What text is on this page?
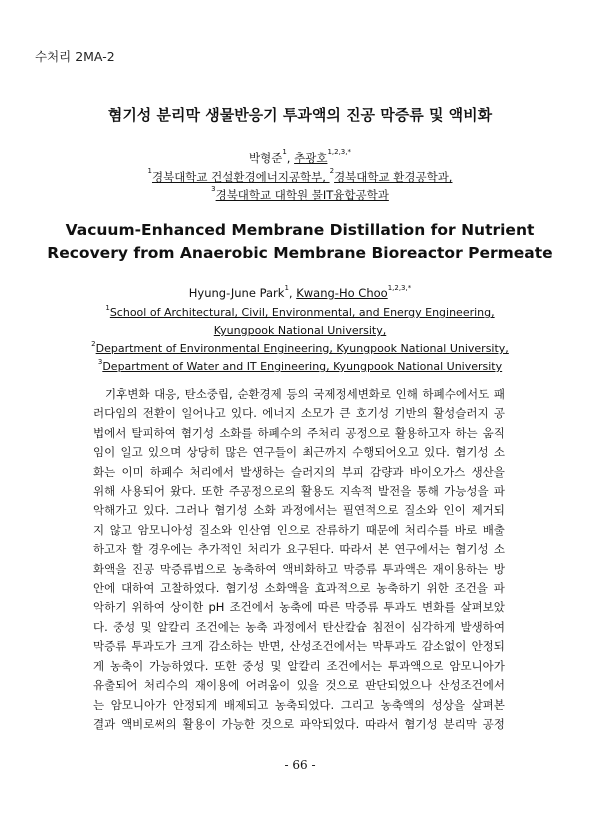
수처리 2MA-2
혐기성 분리막 생물반응기 투과액의 진공 막증류 및 액비화
박형준$^1$, 추광호$^{1,2,3,*}$
$^1$경북대학교 건설환경에너지공학부, $^2$경북대학교 환경공학과,
$^3$경북대학교 대학원 물IT융합공학과
Vacuum-Enhanced Membrane Distillation for Nutrient
Recovery from Anaerobic Membrane Bioreactor Permeate
Hyung-June Park$^1$, Kwang-Ho Choo$^{1,2,3,*}$
$^1$School of Architectural, Civil, Environmental, and Energy Engineering,
Kyungpook National University,
$^2$Department of Environmental Engineering, Kyungpook National University,
$^3$Department of Water and IT Engineering, Kyungpook National University
기후변화 대응, 탄소중립, 순환경제 등의 국제정세변화로 인해 하폐수에서도 패
러다임의 전환이 일어나고 있다. 에너지 소모가 큰 호기성 기반의 활성슬러지 공
법에서 탈피하여 혐기성 소화를 하폐수의 주처리 공정으로 활용하고자 하는 움직
임이 일고 있으며 상당히 많은 연구들이 최근까지 수행되어오고 있다. 혐기성 소
화는 이미 하폐수 처리에서 발생하는 슬러지의 부피 감량과 바이오가스 생산을
위해 사용되어 왔다. 또한 주공정으로의 활용도 지속적 발전을 통해 가능성을 파
악해가고 있다. 그러나 혐기성 소화 과정에서는 필연적으로 질소와 인이 제거되
지 않고 암모니아성 질소와 인산염 인으로 잔류하기 때문에 처리수를 바로 배출
하고자 할 경우에는 추가적인 처리가 요구된다. 따라서 본 연구에서는 혐기성 소
화액을 진공 막증류법으로 농축하여 액비화하고 막증류 투과액은 재이용하는 방
안에 대하여 고찰하였다. 혐기성 소화액을 효과적으로 농축하기 위한 조건을 파
악하기 위하여 상이한 pH 조건에서 농축에 따른 막증류 투과도 변화를 살펴보았
다. 중성 및 알칼리 조건에는 농축 과정에서 탄산칼슘 침전이 심각하게 발생하여
막증류 투과도가 크게 감소하는 반면, 산성조건에서는 막투과도 감소없이 안정되
게 농축이 가능하였다. 또한 중성 및 알칼리 조건에서는 투과액으로 암모니아가
유출되어 처리수의 재이용에 어려움이 있을 것으로 판단되었으나 산성조건에서
는 암모니아가 안정되게 배제되고 농축되었다. 그리고 농축액의 성상을 살펴본
결과 액비로써의 활용이 가능한 것으로 파악되었다. 따라서 혐기성 분리막 공정
- 66 -
